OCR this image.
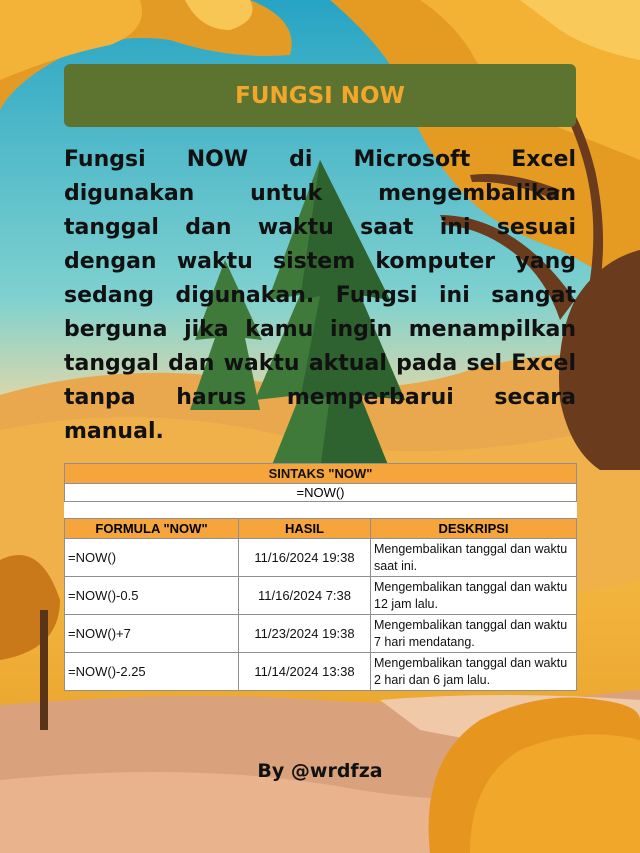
FUNGSI NOW

Fungsi NOW di Microsoft Excel digunakan untuk mengembalikan tanggal dan waktu saat ini sesuai dengan waktu sistem komputer yang sedang digunakan. Fungsi ini sangat berguna jika kamu ingin menampilkan tanggal dan waktu aktual pada sel Excel tanpa harus memperbarui secara manual.

SINTAKS "NOW"		
=NOW()		

FORMULA "NOW"	HASIL	DESKRIPSI
=NOW()	11/16/2024 19:38	Mengembalikan tanggal dan waktu saat ini.
=NOW()-0.5	11/16/2024 7:38	Mengembalikan tanggal dan waktu 12 jam lalu.
=NOW()+7	11/23/2024 19:38	Mengembalikan tanggal dan waktu 7 hari mendatang.
=NOW()-2.25	11/14/2024 13:38	Mengembalikan tanggal dan waktu 2 hari dan 6 jam lalu.
By @wrdfza
